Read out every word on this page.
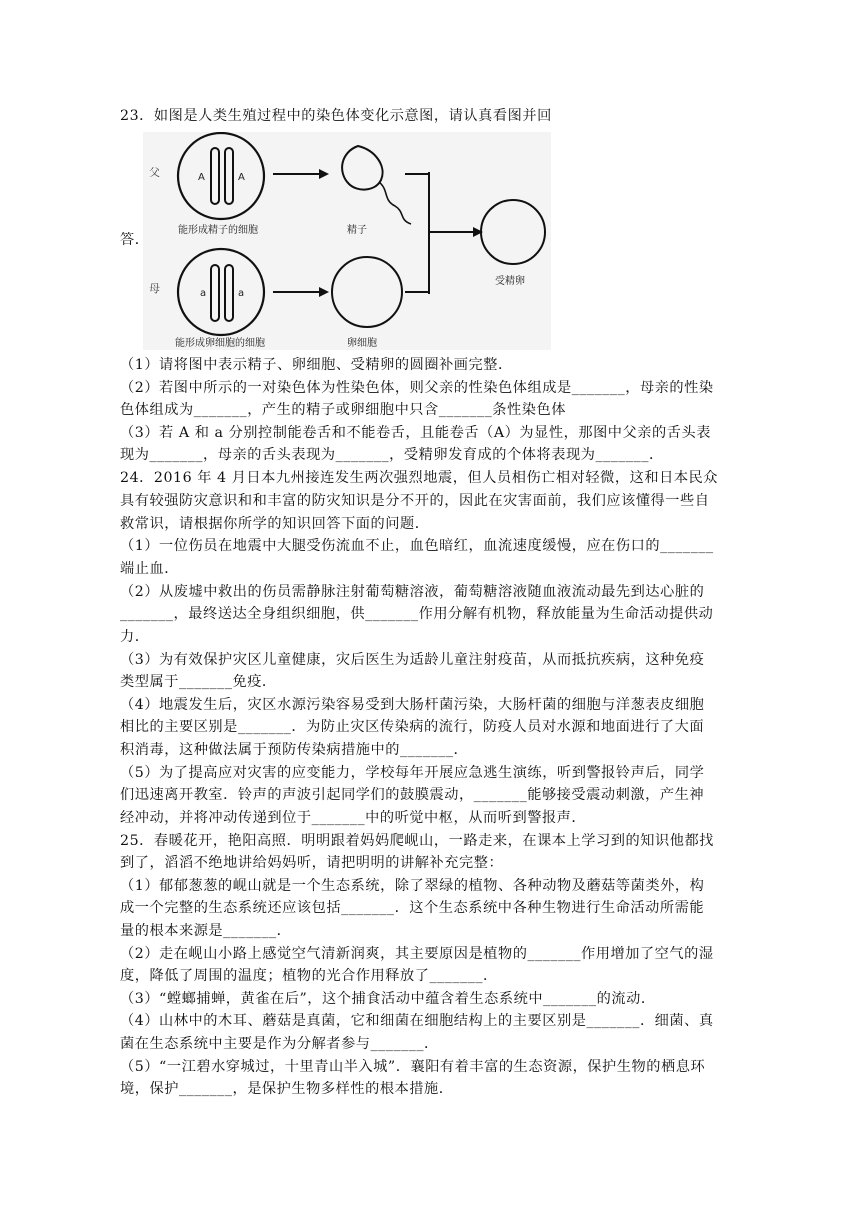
23．如图是人类生殖过程中的染色体变化示意图，请认真看图并回
父
母
A	A
能形成精子的细胞	精子
a	a
能形成卵细胞的细胞	卵细胞
受精卵
答．
（1）请将图中表示精子、卵细胞、受精卵的圆圈补画完整．
（2）若图中所示的一对染色体为性染色体，则父亲的性染色体组成是_______，母亲的性染
色体组成为_______，产生的精子或卵细胞中只含_______条性染色体
（3）若 A 和 a 分别控制能卷舌和不能卷舌，且能卷舌（A）为显性，那图中父亲的舌头表
现为_______，母亲的舌头表现为_______，受精卵发育成的个体将表现为_______．
24．2016 年 4 月日本九州接连发生两次强烈地震，但人员相伤亡相对轻微，这和日本民众
具有较强防灾意识和和丰富的防灾知识是分不开的，因此在灾害面前，我们应该懂得一些自
救常识，请根据你所学的知识回答下面的问题．
（1）一位伤员在地震中大腿受伤流血不止，血色暗红，血流速度缓慢，应在伤口的_______
端止血．
（2）从废墟中救出的伤员需静脉注射葡萄糖溶液，葡萄糖溶液随血液流动最先到达心脏的
_______，最终送达全身组织细胞，供_______作用分解有机物，释放能量为生命活动提供动
力．
（3）为有效保护灾区儿童健康，灾后医生为适龄儿童注射疫苗，从而抵抗疾病，这种免疫
类型属于_______免疫．
（4）地震发生后，灾区水源污染容易受到大肠杆菌污染，大肠杆菌的细胞与洋葱表皮细胞
相比的主要区别是_______．为防止灾区传染病的流行，防疫人员对水源和地面进行了大面
积消毒，这种做法属于预防传染病措施中的_______．
（5）为了提高应对灾害的应变能力，学校每年开展应急逃生演练，听到警报铃声后，同学
们迅速离开教室．铃声的声波引起同学们的鼓膜震动，_______能够接受震动刺激，产生神
经冲动，并将冲动传递到位于_______中的听觉中枢，从而听到警报声．
25．春暖花开，艳阳高照．明明跟着妈妈爬岘山，一路走来，在课本上学习到的知识他都找
到了，滔滔不绝地讲给妈妈听，请把明明的讲解补充完整：
（1）郁郁葱葱的岘山就是一个生态系统，除了翠绿的植物、各种动物及蘑菇等菌类外，构
成一个完整的生态系统还应该包括_______．这个生态系统中各种生物进行生命活动所需能
量的根本来源是_______．
（2）走在岘山小路上感觉空气清新润爽，其主要原因是植物的_______作用增加了空气的湿
度，降低了周围的温度；植物的光合作用释放了_______．
（3）“螳螂捕蝉，黄雀在后”，这个捕食活动中蕴含着生态系统中_______的流动．
（4）山林中的木耳、蘑菇是真菌，它和细菌在细胞结构上的主要区别是_______．细菌、真
菌在生态系统中主要是作为分解者参与_______．
（5）“一江碧水穿城过，十里青山半入城”．襄阳有着丰富的生态资源，保护生物的栖息环
境，保护_______，是保护生物多样性的根本措施．
